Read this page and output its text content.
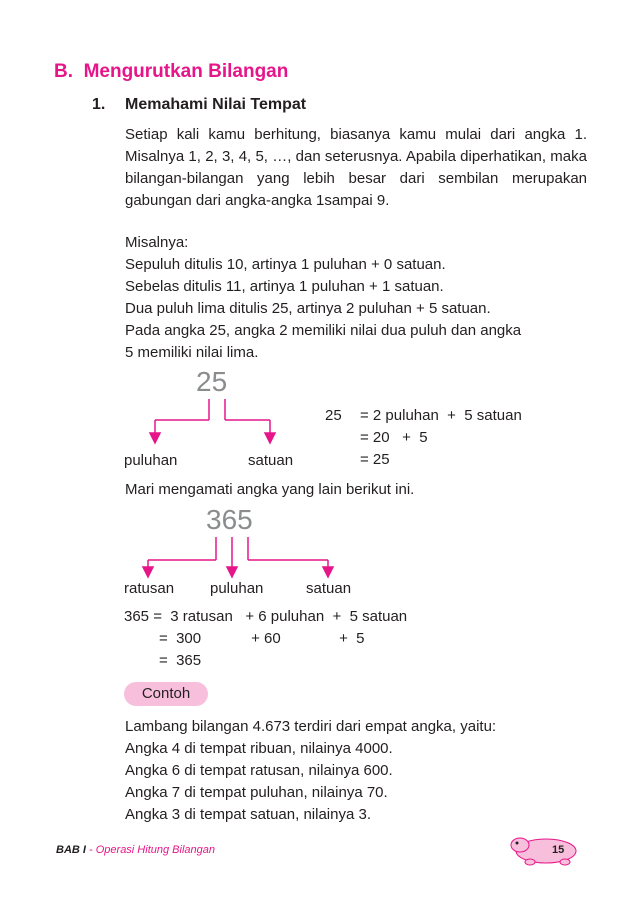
B. Mengurutkan Bilangan
1. Memahami Nilai Tempat
Setiap kali kamu berhitung, biasanya kamu mulai dari angka 1. Misalnya 1, 2, 3, 4, 5, …, dan seterusnya. Apabila diperhatikan, maka bilangan-bilangan yang lebih besar dari sembilan merupakan gabungan dari angka-angka 1sampai 9.
Misalnya:
Sepuluh ditulis 10, artinya 1 puluhan + 0 satuan.
Sebelas ditulis 11, artinya 1 puluhan + 1 satuan.
Dua puluh lima ditulis 25, artinya 2 puluhan + 5 satuan.
Pada angka 25, angka 2 memiliki nilai dua puluh dan angka
5 memiliki nilai lima.
25
puluhan	satuan
25 = 2 puluhan  +  5 satuan
= 20   +  5
= 25
Mari mengamati angka yang lain berikut ini.
365
ratusan puluhan	satuan
365 =  3 ratusan   + 6 puluhan  +  5 satuan
=  300            + 60              +  5
=  365
Contoh
Lambang bilangan 4.673 terdiri dari empat angka, yaitu:
Angka 4 di tempat ribuan, nilainya 4000.
Angka 6 di tempat ratusan, nilainya 600.
Angka 7 di tempat puluhan, nilainya 70.
Angka 3 di tempat satuan, nilainya 3.
BAB I - Operasi Hitung Bilangan	15
